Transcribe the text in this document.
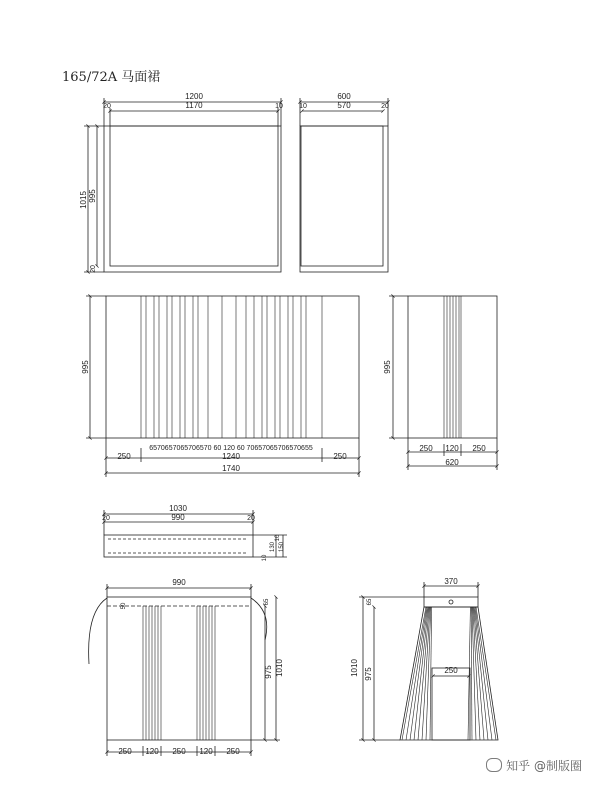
165/72A 马面裙
1200
1170
20	10
1015 995
20
600
570
10	20
995
6570657065706570 60 120 60 70657065706570655
250	1240	250
1740
995
250 120 250
620
1030
990
20	20
10
130 150
10
990
50
65
1010
975
250 120 250 120 250
370
65
1010 975	250
知乎 @制版圈
